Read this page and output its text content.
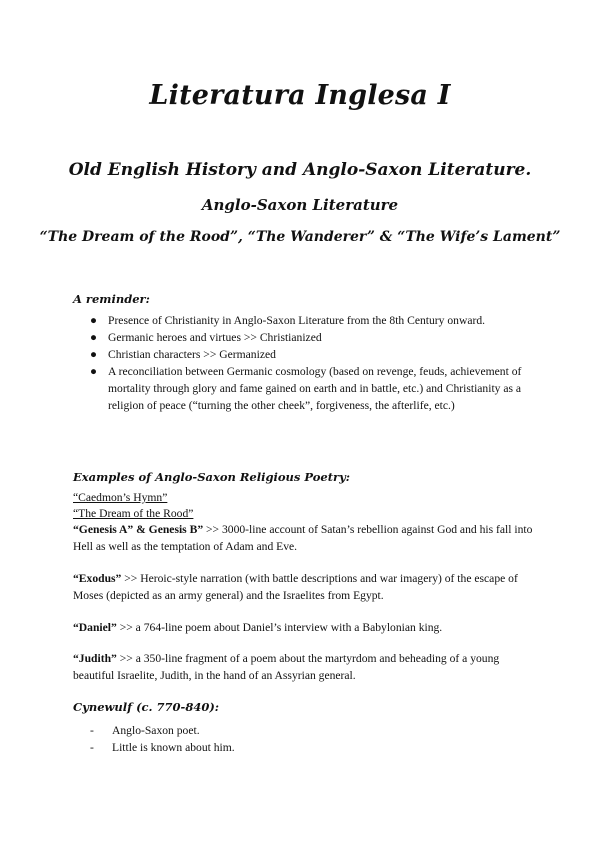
Literatura Inglesa I
Old English History and Anglo-Saxon Literature.
Anglo-Saxon Literature
“The Dream of the Rood”, “The Wanderer” & “The Wife’s Lament”
A reminder:
● Presence of Christianity in Anglo-Saxon Literature from the 8th Century onward.
● Germanic heroes and virtues >> Christianized
● Christian characters >> Germanized
● A reconciliation between Germanic cosmology (based on revenge, feuds, achievement of mortality through glory and fame gained on earth and in battle, etc.) and Christianity as a religion of peace (“turning the other cheek”, forgiveness, the afterlife, etc.)
Examples of Anglo-Saxon Religious Poetry:
“Caedmon’s Hymn”
“The Dream of the Rood”
“Genesis A” & Genesis B” >> 3000-line account of Satan’s rebellion against God and his fall into Hell as well as the temptation of Adam and Eve.
“Exodus” >> Heroic-style narration (with battle descriptions and war imagery) of the escape of Moses (depicted as an army general) and the Israelites from Egypt.
“Daniel” >> a 764-line poem about Daniel’s interview with a Babylonian king.
“Judith” >> a 350-line fragment of a poem about the martyrdom and beheading of a young beautiful Israelite, Judith, in the hand of an Assyrian general.
Cynewulf (c. 770-840):
- Anglo-Saxon poet.
- Little is known about him.
